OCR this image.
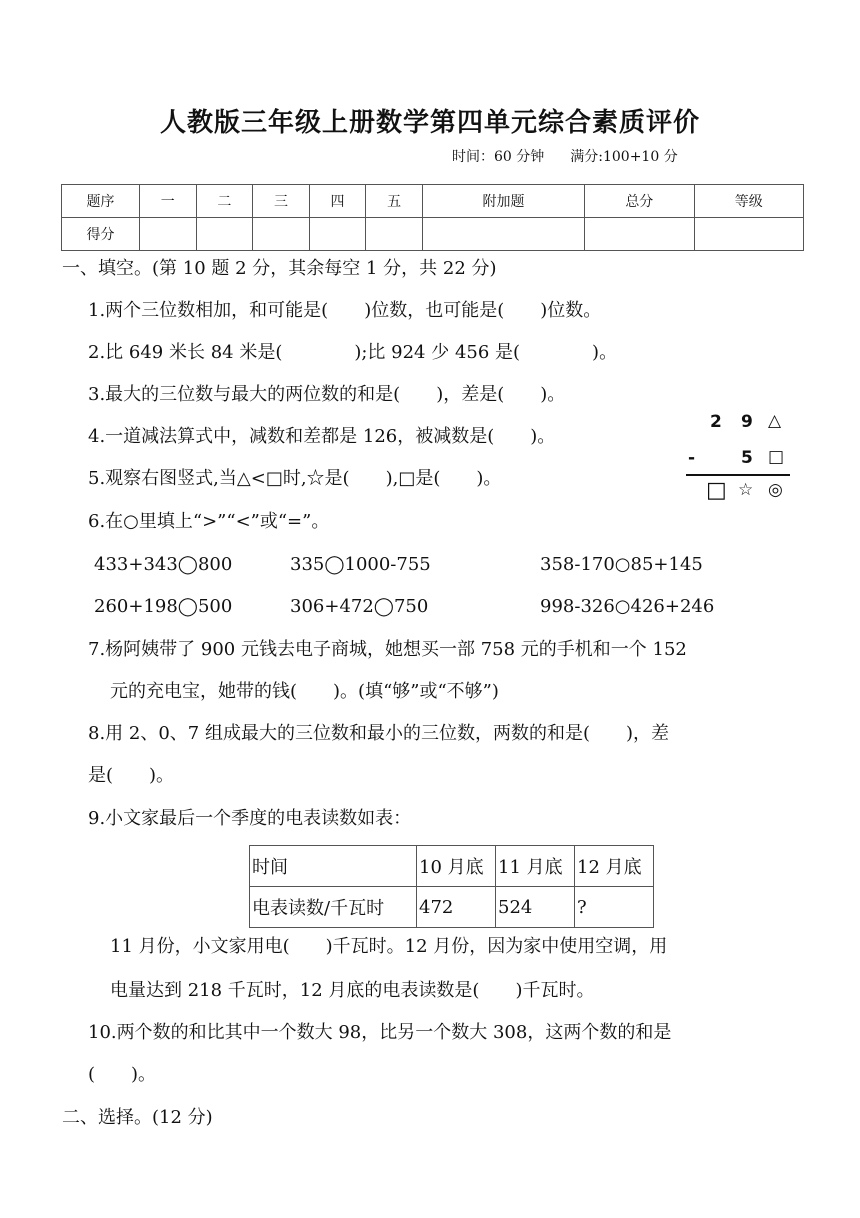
人教版三年级上册数学第四单元综合素质评价
时间：60 分钟 满分:100+10 分
题序	一	二	三	四	五	附加题	总分	等级
得分								
一、填空。(第 10 题 2 分，其余每空 1 分，共 22 分)
1.两个三位数相加，和可能是(　　)位数，也可能是(　　)位数。
2.比 649 米长 84 米是(　　　　);比 924 少 456 是(　　　　)。
3.最大的三位数与最大的两位数的和是(　　)，差是(　　)。
4.一道减法算式中，减数和差都是 126，被减数是(　　)。
5.观察右图竖式,当△<□时,☆是(　　),□是(　　)。
6.在○里填上“>”“<”或“=”。
433+343◯800	335◯1000-755	358-170○85+145
260+198◯500	306+472◯750	998-326○426+246
7.杨阿姨带了 900 元钱去电子商城，她想买一部 758 元的手机和一个 152
元的充电宝，她带的钱(　　)。(填“够”或“不够”)
8.用 2、0、7 组成最大的三位数和最小的三位数，两数的和是(　　)，差
是(　　)。
9.小文家最后一个季度的电表读数如表：
时间	10 月底	11 月底	12 月底
电表读数/千瓦时	472	524	?
11 月份，小文家用电(　　)千瓦时。12 月份，因为家中使用空调，用
电量达到 218 千瓦时，12 月底的电表读数是(　　)千瓦时。
10.两个数的和比其中一个数大 98，比另一个数大 308，这两个数的和是
(　　)。
二、选择。(12 分)
2 9 △
-	5 □
□ ☆ ◎
